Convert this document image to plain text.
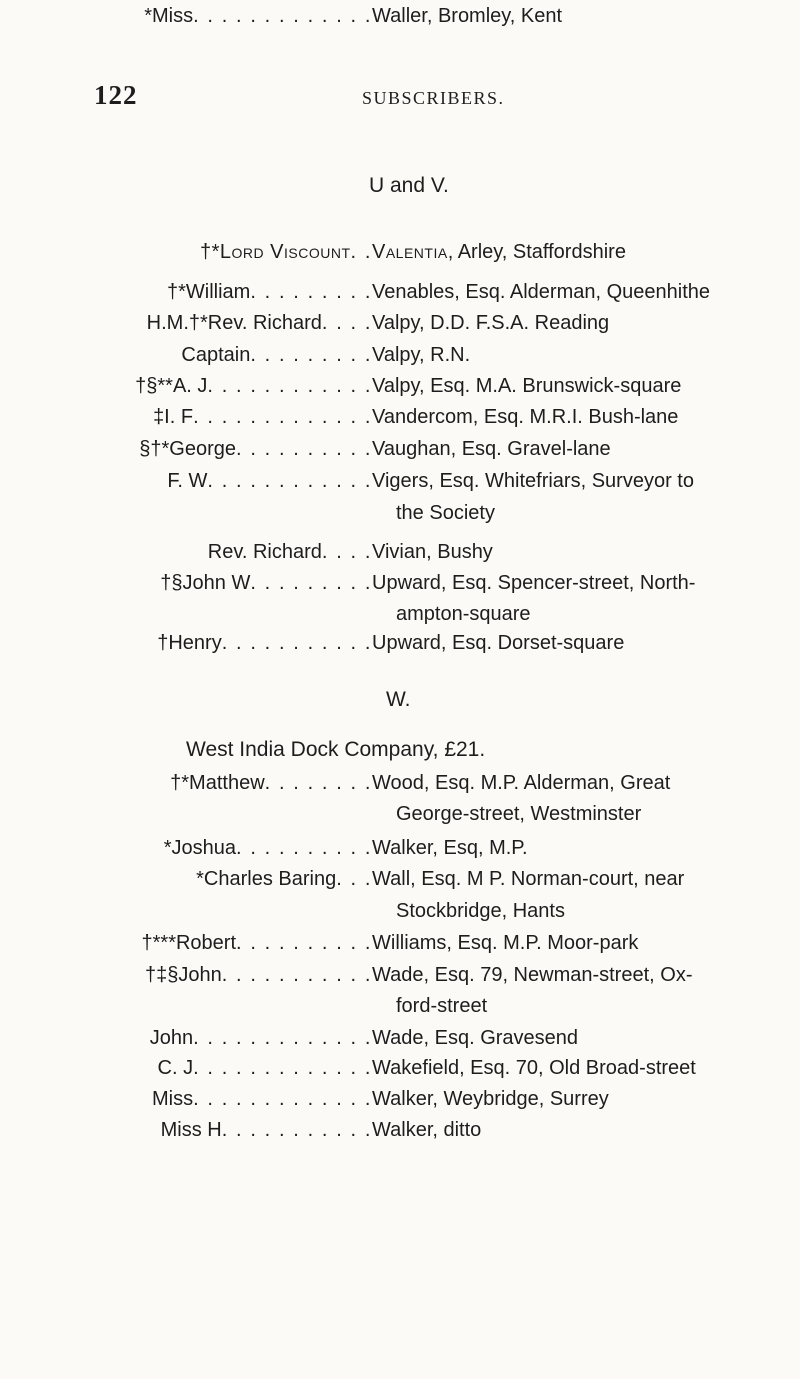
122	SUBSCRIBERS.
U and V.
†*Lord Viscount . . Valentia, Arley, Staffordshire
†*William . . . . . . . . . Venables, Esq. Alderman, Queenhithe
H.M.†*Rev. Richard . . . . Valpy, D.D. F.S.A. Reading
Captain . . . . . . . . . Valpy, R.N.
†§**A. J . . . . . . . . . . . . Valpy, Esq. M.A. Brunswick-square
‡I. F . . . . . . . . . . . . . Vandercom, Esq. M.R.I. Bush-lane
§†*George . . . . . . . . . . Vaughan, Esq. Gravel-lane
F. W . . . . . . . . . . . . Vigers, Esq. Whitefriars, Surveyor to
the Society
Rev. Richard . . . . Vivian, Bushy
†§John W . . . . . . . . . Upward, Esq. Spencer-street, North-
ampton-square
†Henry . . . . . . . . . . . Upward, Esq. Dorset-square
W.
West India Dock Company, £21.
†*Matthew . . . . . . . . Wood, Esq. M.P. Alderman, Great
George-street, Westminster
*Joshua . . . . . . . . . . Walker, Esq, M.P.
*Charles Baring . . . Wall, Esq. M P. Norman-court, near
Stockbridge, Hants
†***Robert . . . . . . . . . . Williams, Esq. M.P. Moor-park
†‡§John . . . . . . . . . . . Wade, Esq. 79, Newman-street, Ox-
ford-street
John . . . . . . . . . . . . . Wade, Esq. Gravesend
C. J . . . . . . . . . . . . . Wakefield, Esq. 70, Old Broad-street
Miss . . . . . . . . . . . . . Walker, Weybridge, Surrey
Miss H . . . . . . . . . . . Walker, ditto
*Miss . . . . . . . . . . . . . Waller, Bromley, Kent
